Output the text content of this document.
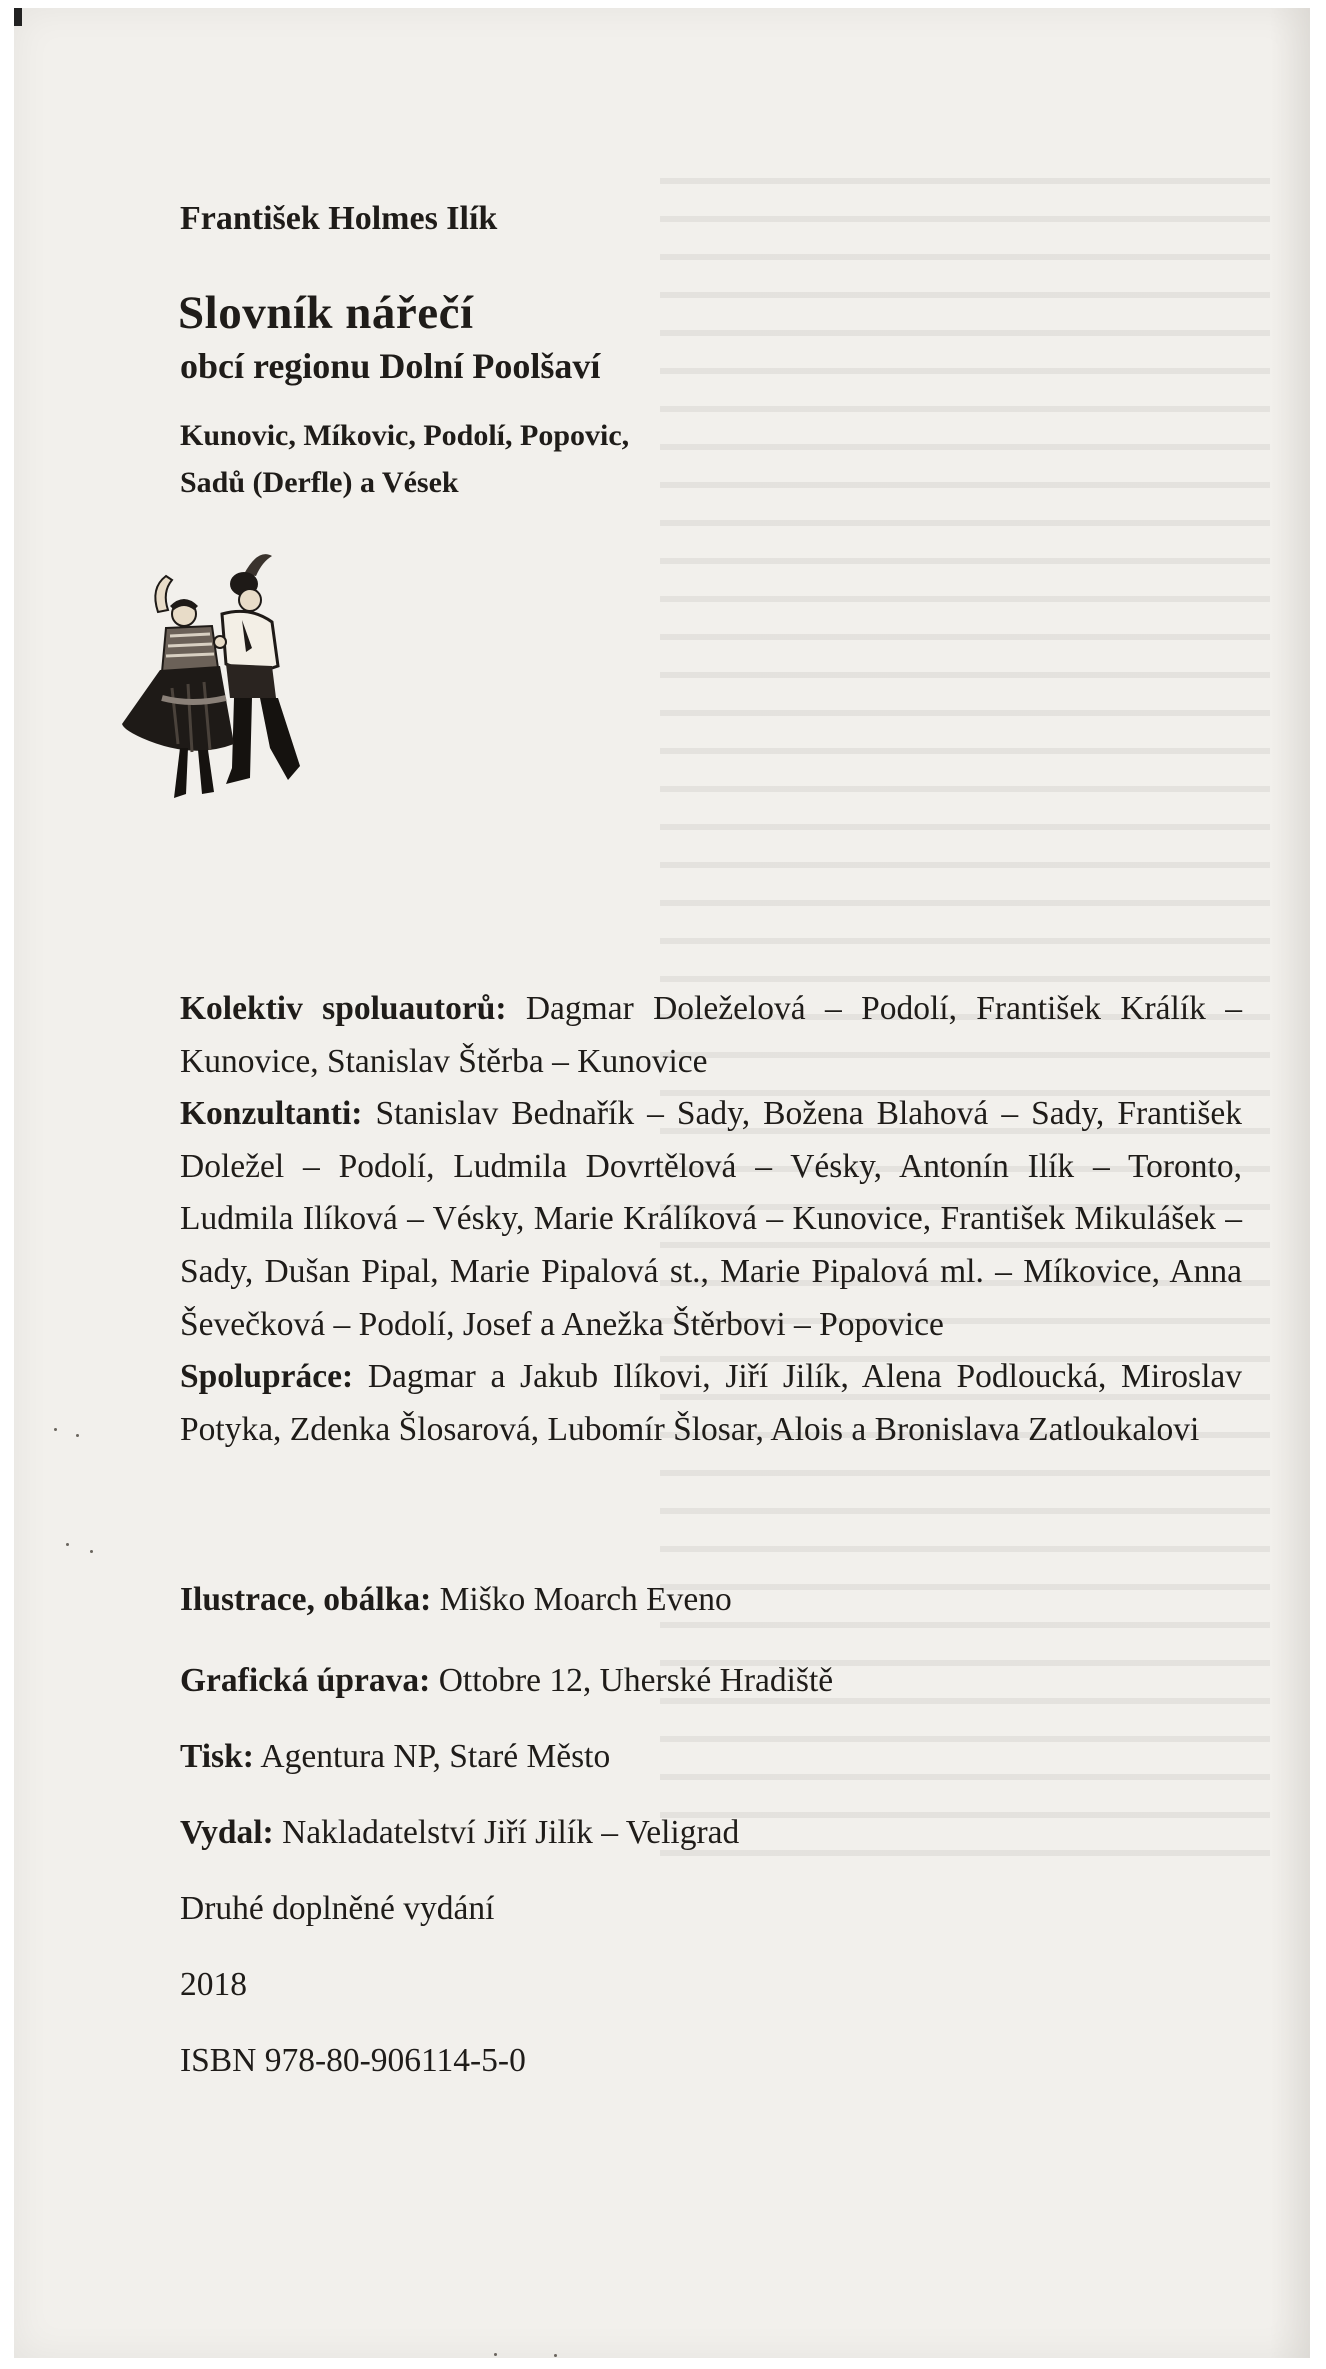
František Holmes Ilík
Slovník nářečí
obcí regionu Dolní Poolšaví

Kunovic, Míkovic, Podolí, Popovic,
Sadů (Derfle) a Vések

Kolektiv spoluautorů: Dagmar Doleželová – Podolí, František Králík – Kunovice, Stanislav Štěrba – Kunovice
Konzultanti: Stanislav Bednařík – Sady, Božena Blahová – Sady, František Doležel – Podolí, Ludmila Dovrtělová – Vésky, Antonín Ilík – Toronto, Ludmila Ilíková – Vésky, Marie Králíková – Kunovice, František Mikulášek – Sady, Dušan Pipal, Marie Pipalová st., Marie Pipalová ml. – Míkovice, Anna Ševečková – Podolí, Josef a Anežka Štěrbovi – Popovice
Spolupráce: Dagmar a Jakub Ilíkovi, Jiří Jilík, Alena Podloucká, Miroslav Potyka, Zdenka Šlosarová, Lubomír Šlosar, Alois a Bronislava Zatloukalovi

Ilustrace, obálka: Miško Moarch Eveno

Grafická úprava: Ottobre 12, Uherské Hradiště

Tisk: Agentura NP, Staré Město

Vydal: Nakladatelství Jiří Jilík – Veligrad

Druhé doplněné vydání

2018

ISBN 978-80-906114-5-0
